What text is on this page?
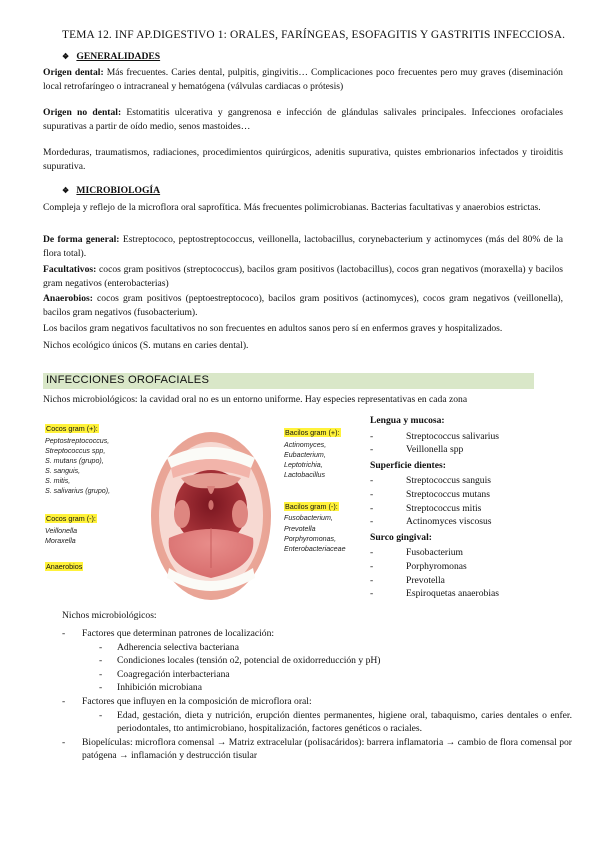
TEMA 12. INF AP.DIGESTIVO 1: ORALES, FARÍNGEAS, ESOFAGITIS Y GASTRITIS INFECCIOSA.
❖ GENERALIDADES
Origen dental: Más frecuentes. Caries dental, pulpitis, gingivitis… Complicaciones poco frecuentes pero muy graves (diseminación local retrofaríngeo o intracraneal y hematógena (válvulas cardiacas o prótesis)
Origen no dental: Estomatitis ulcerativa y gangrenosa e infección de glándulas salivales principales. Infecciones orofaciales supurativas a partir de oído medio, senos mastoides…
Mordeduras, traumatismos, radiaciones, procedimientos quirúrgicos, adenitis supurativa, quistes embrionarios infectados y tiroiditis supurativa.
❖ MICROBIOLOGÍA
Compleja y reflejo de la microflora oral saprofítica. Más frecuentes polimicrobianas. Bacterias facultativas y anaerobios estrictas.
De forma general: Estreptococo, peptostreptococcus, veillonella, lactobacillus, corynebacterium y actinomyces (más del 80% de la flora total).
Facultativos: cocos gram positivos (streptococcus), bacilos gram positivos (lactobacillus), cocos gran negativos (moraxella) y bacilos gram negativos (enterobacterias)
Anaerobios: cocos gram positivos (peptoestreptococo), bacilos gram positivos (actinomyces), cocos gram negativos (veillonella), bacilos gram negativos (fusobacterium).
Los bacilos gram negativos facultativos no son frecuentes en adultos sanos pero sí en enfermos graves y hospitalizados.
Nichos ecológico únicos (S. mutans en caries dental).
INFECCIONES OROFACIALES
Nichos microbiológicos: la cavidad oral no es un entorno uniforme. Hay especies representativas en cada zona
Cocos gram (+):
Peptostreptococcus,
Streptococcus spp,
S. mutans (grupo),
S. sanguis,
S. mitis,
S. salivarius (grupo),
Cocos gram (-):
Veillonella
Moraxella
Anaerobios
Bacilos gram (+):
Actinomyces,
Eubacterium,
Leptotrichia,
Lactobacillus
Bacilos gram (-):
Fusobacterium,
Prevotella
Porphyromonas,
Enterobacteriaceae
Lengua y mucosa:
-	Streptococcus salivarius
-	Veillonella spp
Superficie dientes:
-	Streptococcus sanguis
-	Streptococcus mutans
-	Streptococcus mitis
-	Actinomyces viscosus
Surco gingival:
-	Fusobacterium
-	Porphyromonas
-	Prevotella
-	Espiroquetas anaerobias
Nichos microbiológicos:
- Factores que determinan patrones de localización:
- Adherencia selectiva bacteriana
- Condiciones locales (tensión o2, potencial de oxidorreducción y pH)
- Coagregación interbacteriana
- Inhibición microbiana
- Factores que influyen en la composición de microflora oral:
- Edad, gestación, dieta y nutrición, erupción dientes permanentes, higiene oral, tabaquismo, caries dentales o enfer. periodontales, tto antimicrobiano, hospitalización, factores genéticos o raciales.
- Biopelículas: microflora comensal → Matriz extracelular (polisacáridos): barrera inflamatoria → cambio de flora comensal por patógena → inflamación y destrucción tisular
